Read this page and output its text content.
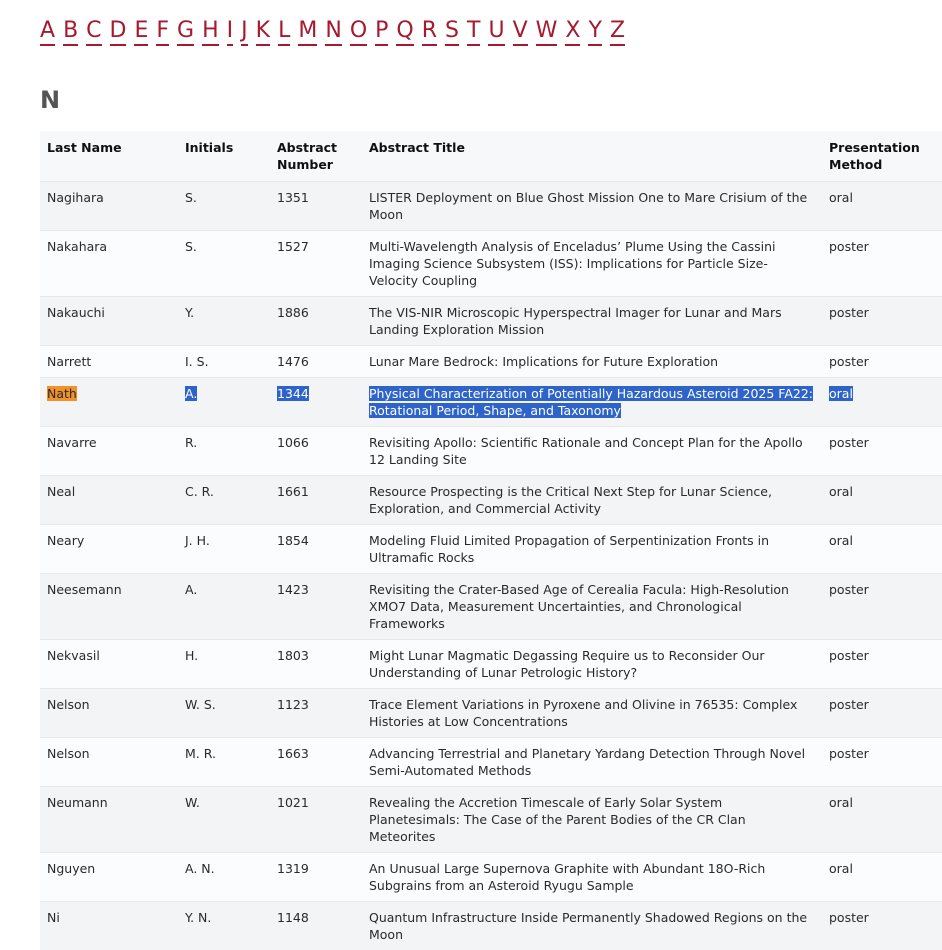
A B C D E F G H I J K L M N O P Q R S T U V W X Y Z
N
Last Name	Initials	Abstract Number	Abstract Title	Presentation Method
Nagihara	S.	1351	LISTER Deployment on Blue Ghost Mission One to Mare Crisium of the Moon	oral
Nakahara	S.	1527	Multi-Wavelength Analysis of Enceladus’ Plume Using the Cassini Imaging Science Subsystem (ISS): Implications for Particle Size-Velocity Coupling	poster
Nakauchi	Y.	1886	The VIS-NIR Microscopic Hyperspectral Imager for Lunar and Mars Landing Exploration Mission	poster
Narrett	I. S.	1476	Lunar Mare Bedrock: Implications for Future Exploration	poster
Nath	A.	1344	Physical Characterization of Potentially Hazardous Asteroid 2025 FA22: Rotational Period, Shape, and Taxonomy	oral
Navarre	R.	1066	Revisiting Apollo: Scientific Rationale and Concept Plan for the Apollo 12 Landing Site	poster
Neal	C. R.	1661	Resource Prospecting is the Critical Next Step for Lunar Science, Exploration, and Commercial Activity	oral
Neary	J. H.	1854	Modeling Fluid Limited Propagation of Serpentinization Fronts in Ultramafic Rocks	oral
Neesemann	A.	1423	Revisiting the Crater-Based Age of Cerealia Facula: High-Resolution XMO7 Data, Measurement Uncertainties, and Chronological Frameworks	poster
Nekvasil	H.	1803	Might Lunar Magmatic Degassing Require us to Reconsider Our Understanding of Lunar Petrologic History?	poster
Nelson	W. S.	1123	Trace Element Variations in Pyroxene and Olivine in 76535: Complex Histories at Low Concentrations	poster
Nelson	M. R.	1663	Advancing Terrestrial and Planetary Yardang Detection Through Novel Semi-Automated Methods	poster
Neumann	W.	1021	Revealing the Accretion Timescale of Early Solar System Planetesimals: The Case of the Parent Bodies of the CR Clan Meteorites	oral
Nguyen	A. N.	1319	An Unusual Large Supernova Graphite with Abundant 18O-Rich Subgrains from an Asteroid Ryugu Sample	oral
Ni	Y. N.	1148	Quantum Infrastructure Inside Permanently Shadowed Regions on the Moon	poster
